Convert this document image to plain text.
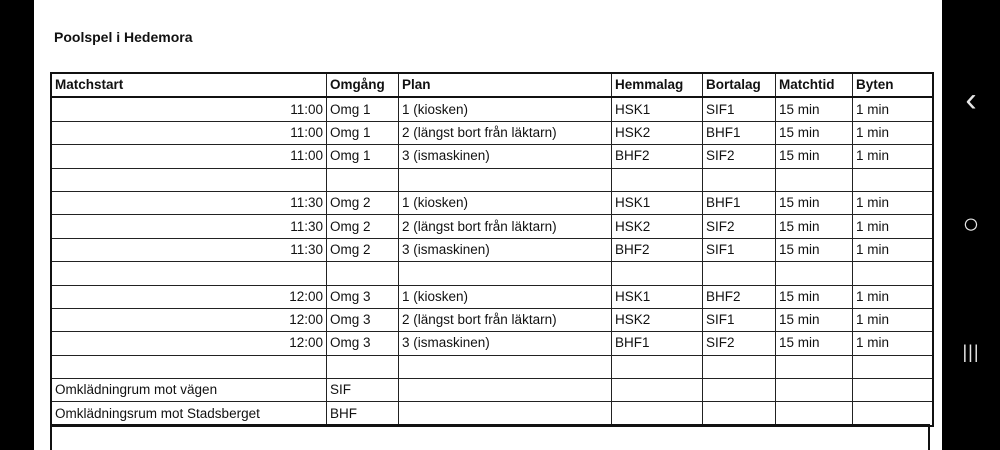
Poolspel i Hedemora
Matchstart	Omgång	Plan	Hemmalag	Bortalag	Matchtid	Byten
11:00	Omg 1	1 (kiosken)	HSK1	SIF1	15 min	1 min
11:00	Omg 1	2 (längst bort från läktarn)	HSK2	BHF1	15 min	1 min
11:00	Omg 1	3 (ismaskinen)	BHF2	SIF2	15 min	1 min

11:30	Omg 2	1 (kiosken)	HSK1	BHF1	15 min	1 min
11:30	Omg 2	2 (längst bort från läktarn)	HSK2	SIF2	15 min	1 min
11:30	Omg 2	3 (ismaskinen)	BHF2	SIF1	15 min	1 min

12:00	Omg 3	1 (kiosken)	HSK1	BHF2	15 min	1 min
12:00	Omg 3	2 (längst bort från läktarn)	HSK2	SIF1	15 min	1 min
12:00	Omg 3	3 (ismaskinen)	BHF1	SIF2	15 min	1 min

Omklädningrum mot vägen	SIF					
Omklädningsrum mot Stadsberget	BHF					
‹
○
|||
